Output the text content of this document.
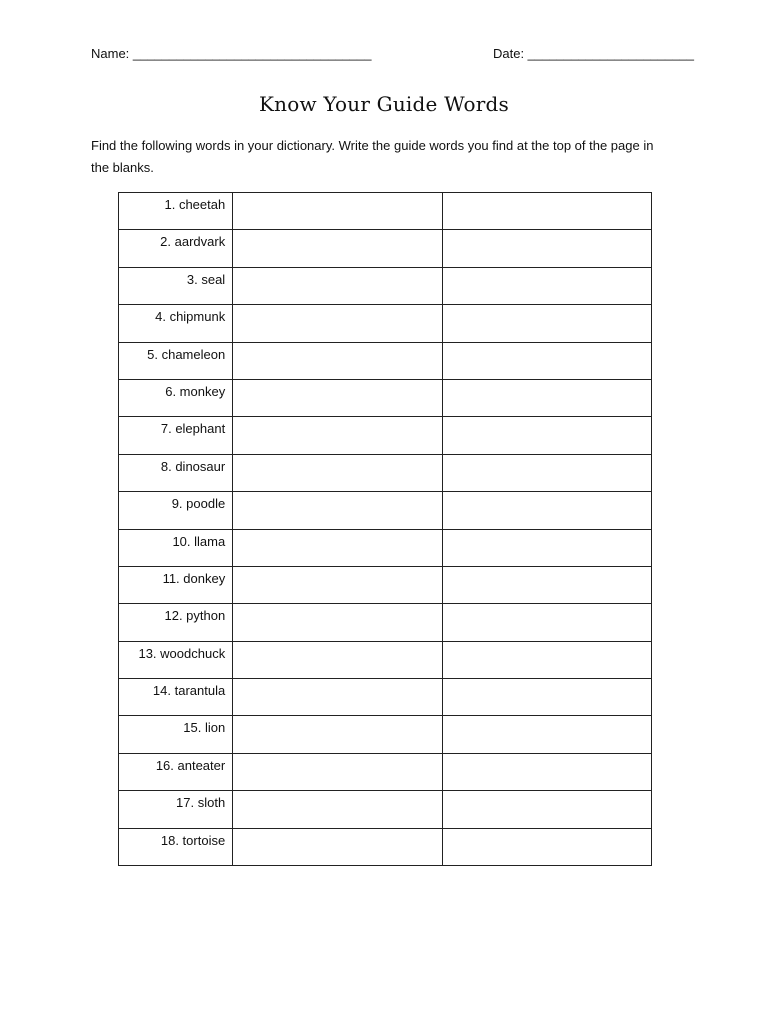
Name: _________________________________	Date: _______________________
Know Your Guide Words
Find the following words in your dictionary. Write the guide words you find at the top of the page in the blanks.
1. cheetah		

2. aardvark		

3. seal		

4. chipmunk		

5. chameleon		

6. monkey		

7. elephant		

8. dinosaur		

9. poodle		

10. llama		

11. donkey		

12. python		

13. woodchuck		

14. tarantula		

15. lion		

16. anteater		

17. sloth		

18. tortoise		
